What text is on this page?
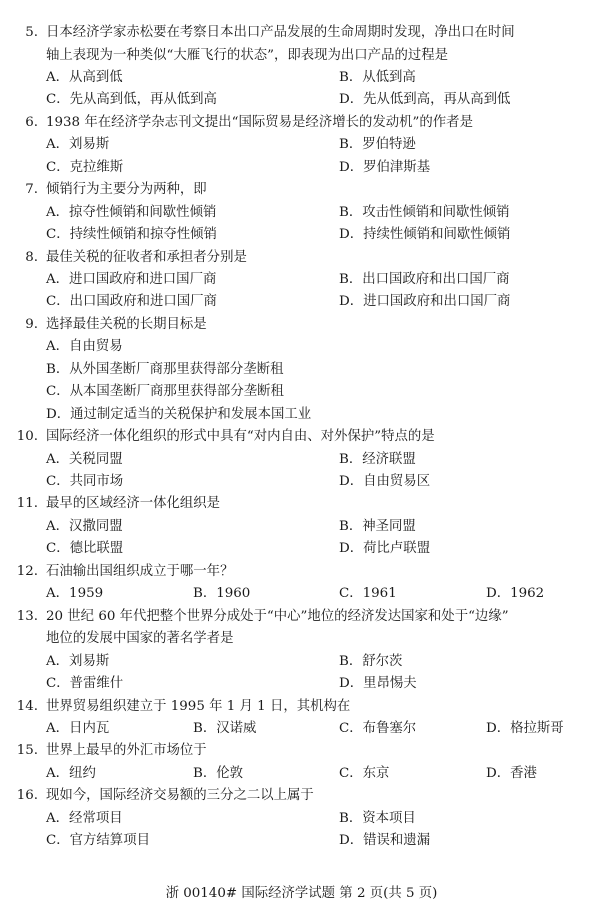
5. 日本经济学家赤松要在考察日本出口产品发展的生命周期时发现，净出口在时间
轴上表现为一种类似“大雁飞行的状态”，即表现为出口产品的过程是
A．从高到低	B．从低到高
C．先从高到低，再从低到高	D．先从低到高，再从高到低
6. 1938 年在经济学杂志刊文提出“国际贸易是经济增长的发动机”的作者是
A．刘易斯	B．罗伯特逊
C．克拉维斯	D．罗伯津斯基
7. 倾销行为主要分为两种，即
A．掠夺性倾销和间歇性倾销	B．攻击性倾销和间歇性倾销
C．持续性倾销和掠夺性倾销	D．持续性倾销和间歇性倾销
8. 最佳关税的征收者和承担者分别是
A．进口国政府和进口国厂商	B．出口国政府和出口国厂商
C．出口国政府和进口国厂商	D．进口国政府和出口国厂商
9. 选择最佳关税的长期目标是
A．自由贸易
B．从外国垄断厂商那里获得部分垄断租
C．从本国垄断厂商那里获得部分垄断租
D．通过制定适当的关税保护和发展本国工业
10. 国际经济一体化组织的形式中具有“对内自由、对外保护”特点的是
A．关税同盟	B．经济联盟
C．共同市场	D．自由贸易区
11. 最早的区域经济一体化组织是
A．汉撒同盟	B．神圣同盟
C．德比联盟	D．荷比卢联盟
12. 石油输出国组织成立于哪一年？
A．1959	B．1960	C．1961	D．1962
13. 20 世纪 60 年代把整个世界分成处于“中心”地位的经济发达国家和处于“边缘”
地位的发展中国家的著名学者是
A．刘易斯	B．舒尔茨
C．普雷维什	D．里昂惕夫
14. 世界贸易组织建立于 1995 年 1 月 1 日，其机构在
A．日内瓦	B．汉诺威	C．布鲁塞尔	D．格拉斯哥
15. 世界上最早的外汇市场位于
A．纽约	B．伦敦	C．东京	D．香港
16. 现如今，国际经济交易额的三分之二以上属于
A．经常项目	B．资本项目
C．官方结算项目	D．错误和遗漏
浙 00140# 国际经济学试题 第 2 页(共 5 页)
